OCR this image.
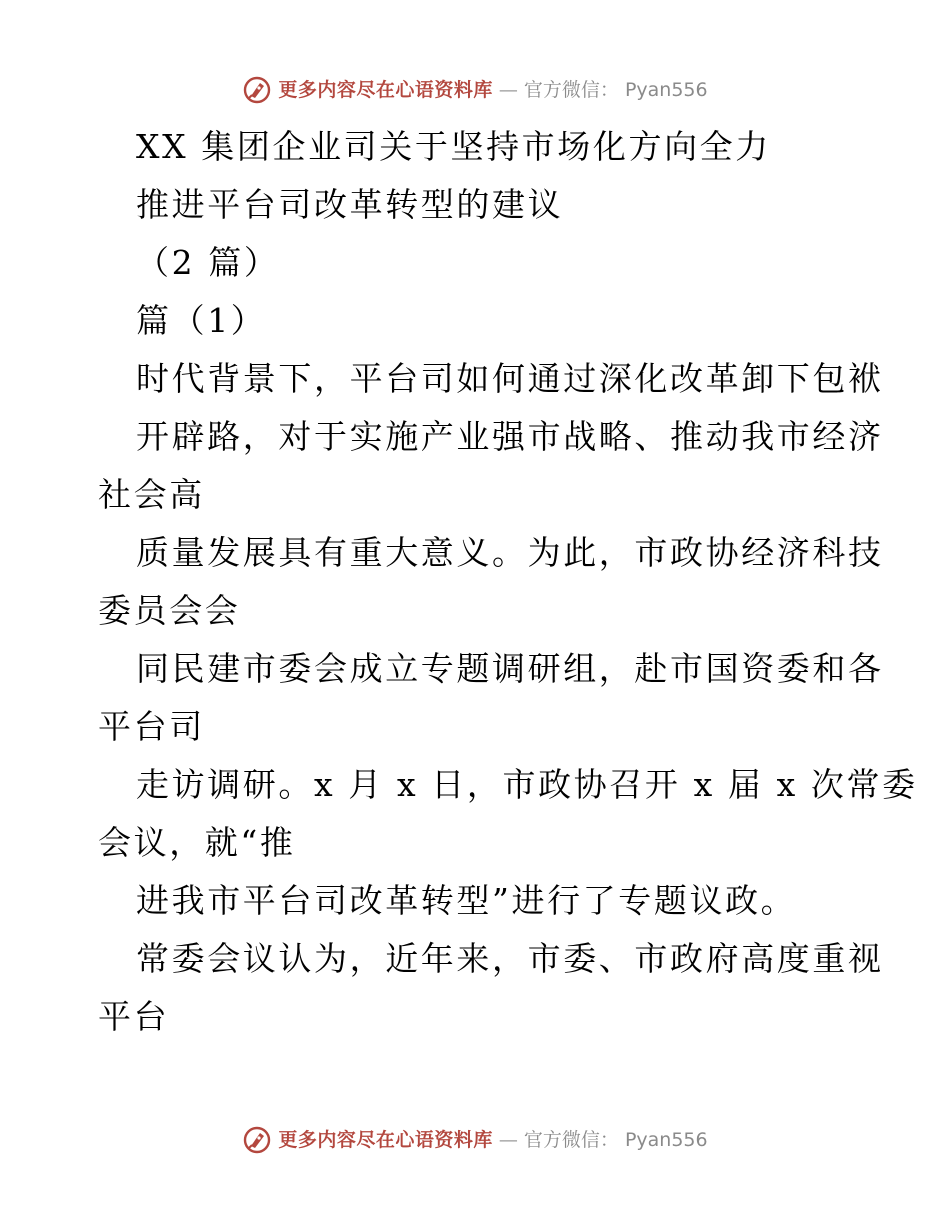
更多内容尽在心语资料库 — 官方微信： Pyan556
XX 集团企业司关于坚持市场化方向全力
推进平台司改革转型的建议
（2 篇）
篇（1）
时代背景下，平台司如何通过深化改革卸下包袱
开辟路，对于实施产业强市战略、推动我市经济
社会高
质量发展具有重大意义。为此，市政协经济科技
委员会会
同民建市委会成立专题调研组，赴市国资委和各
平台司
走访调研。x 月 x 日，市政协召开 x 届 x 次常委
会议，就“推
进我市平台司改革转型”进行了专题议政。
常委会议认为，近年来，市委、市政府高度重视
平台
更多内容尽在心语资料库 — 官方微信： Pyan556
